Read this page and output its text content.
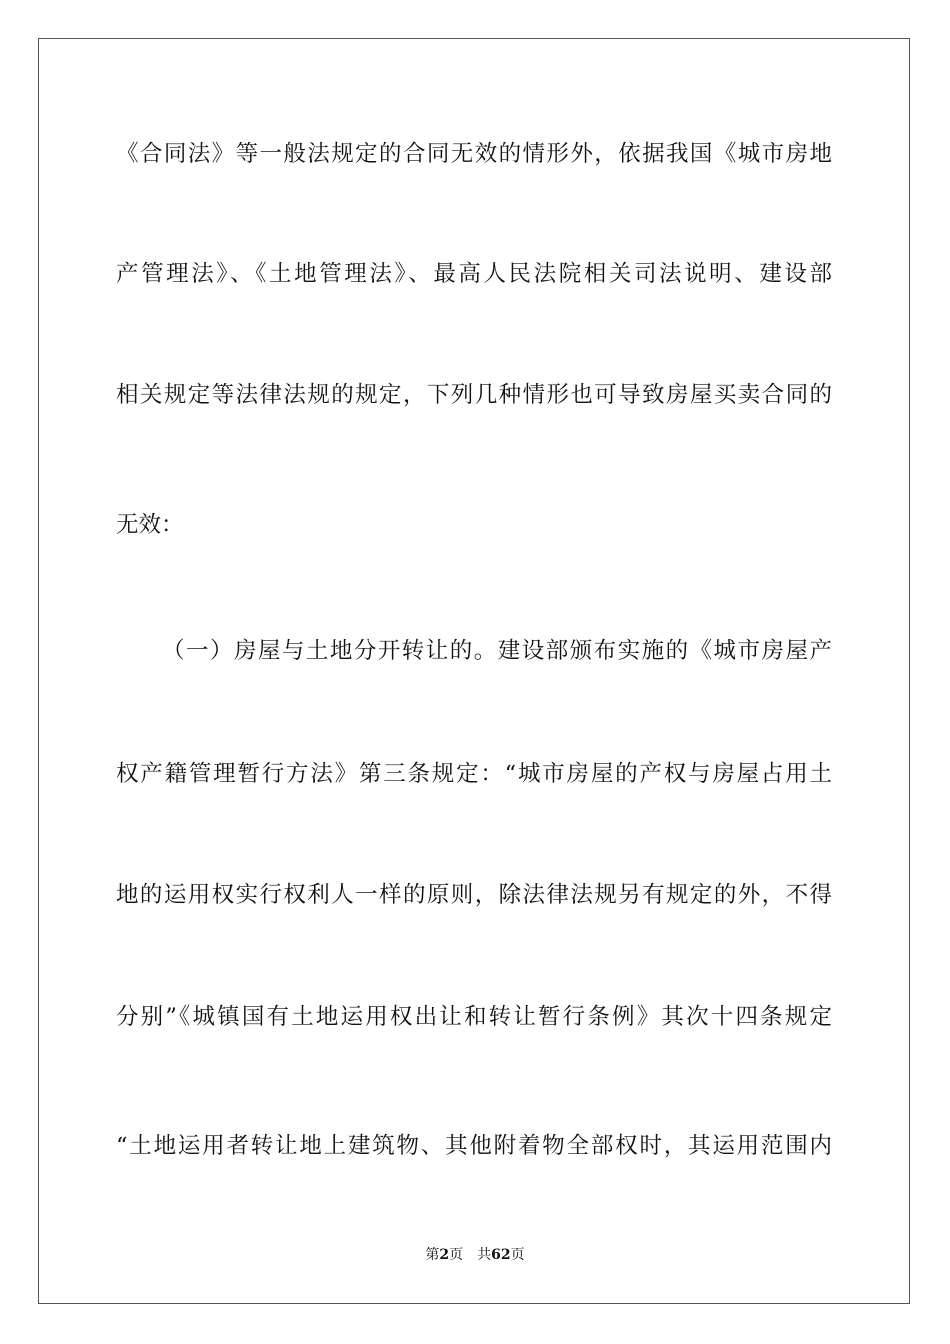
《合同法》等一般法规定的合同无效的情形外，依据我国《城市房地
产管理法》、《土地管理法》、最高人民法院相关司法说明、建设部
相关规定等法律法规的规定，下列几种情形也可导致房屋买卖合同的
无效：
（一）房屋与土地分开转让的。建设部颁布实施的《城市房屋产
权产籍管理暂行方法》第三条规定：“城市房屋的产权与房屋占用土
地的运用权实行权利人一样的原则，除法律法规另有规定的外，不得
分别”《城镇国有土地运用权出让和转让暂行条例》其次十四条规定
“土地运用者转让地上建筑物、其他附着物全部权时，其运用范围内
第2页 共62页
